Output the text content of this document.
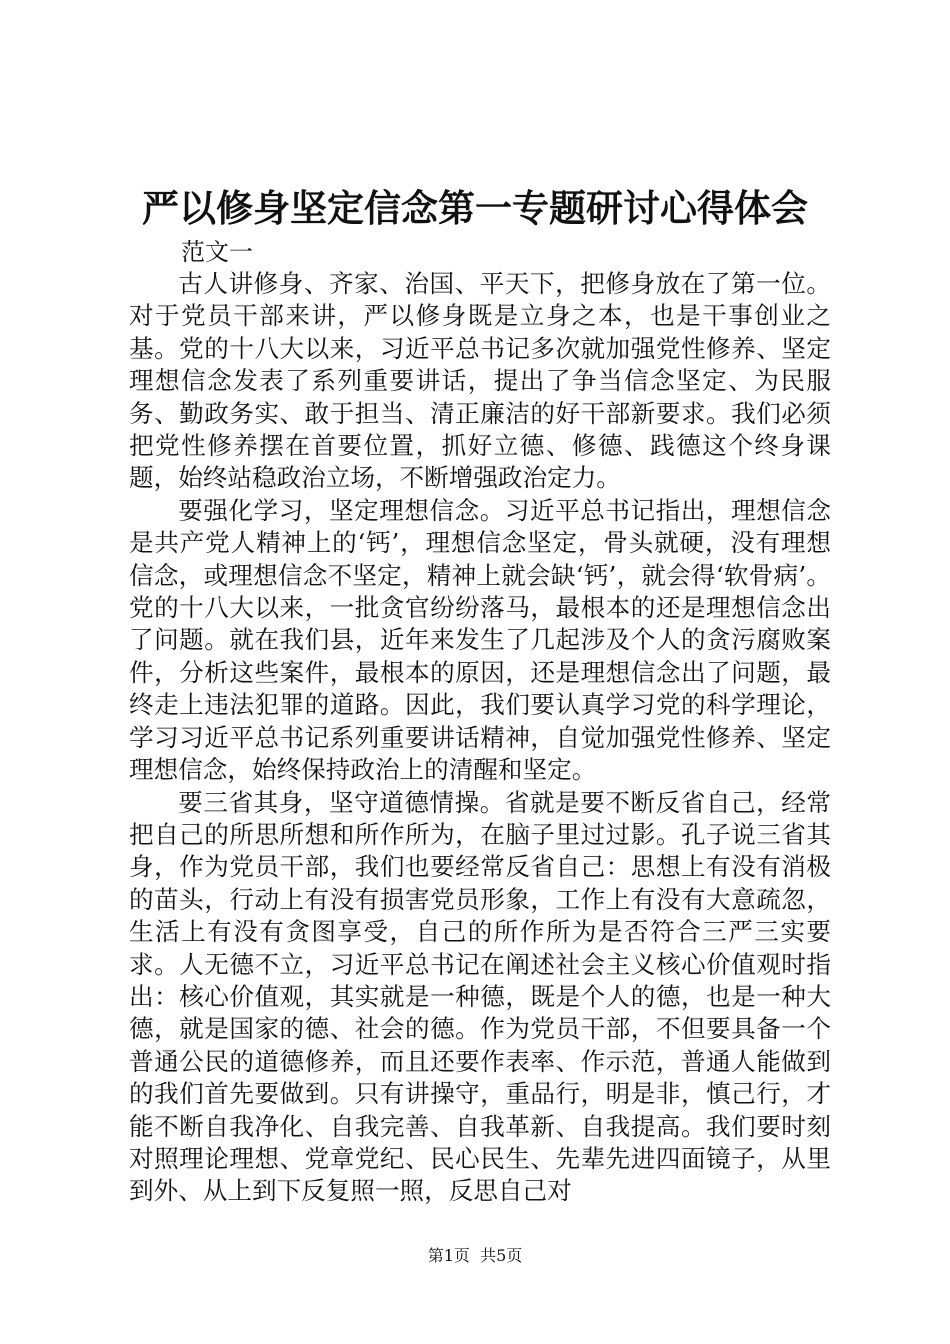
严以修身坚定信念第一专题研讨心得体会

范文一

古人讲修身、齐家、治国、平天下，把修身放在了第一位。对于党员干部来讲，严以修身既是立身之本，也是干事创业之基。党的十八大以来，习近平总书记多次就加强党性修养、坚定理想信念发表了系列重要讲话，提出了争当信念坚定、为民服务、勤政务实、敢于担当、清正廉洁的好干部新要求。我们必须把党性修养摆在首要位置，抓好立德、修德、践德这个终身课题，始终站稳政治立场，不断增强政治定力。

要强化学习，坚定理想信念。习近平总书记指出，理想信念是共产党人精神上的‘钙’，理想信念坚定，骨头就硬，没有理想信念，或理想信念不坚定，精神上就会缺‘钙’，就会得‘软骨病’。党的十八大以来，一批贪官纷纷落马，最根本的还是理想信念出了问题。就在我们县，近年来发生了几起涉及个人的贪污腐败案件，分析这些案件，最根本的原因，还是理想信念出了问题，最终走上违法犯罪的道路。因此，我们要认真学习党的科学理论，学习习近平总书记系列重要讲话精神，自觉加强党性修养、坚定理想信念，始终保持政治上的清醒和坚定。

要三省其身，坚守道德情操。省就是要不断反省自己，经常把自己的所思所想和所作所为，在脑子里过过影。孔子说三省其身，作为党员干部，我们也要经常反省自己：思想上有没有消极的苗头，行动上有没有损害党员形象，工作上有没有大意疏忽，生活上有没有贪图享受，自己的所作所为是否符合三严三实要求。人无德不立，习近平总书记在阐述社会主义核心价值观时指出：核心价值观，其实就是一种德，既是个人的德，也是一种大德，就是国家的德、社会的德。作为党员干部，不但要具备一个普通公民的道德修养，而且还要作表率、作示范，普通人能做到的我们首先要做到。只有讲操守，重品行，明是非，慎己行，才能不断自我净化、自我完善、自我革新、自我提高。我们要时刻对照理论理想、党章党纪、民心民生、先辈先进四面镜子，从里到外、从上到下反复照一照，反思自己对

第1页  共5页
